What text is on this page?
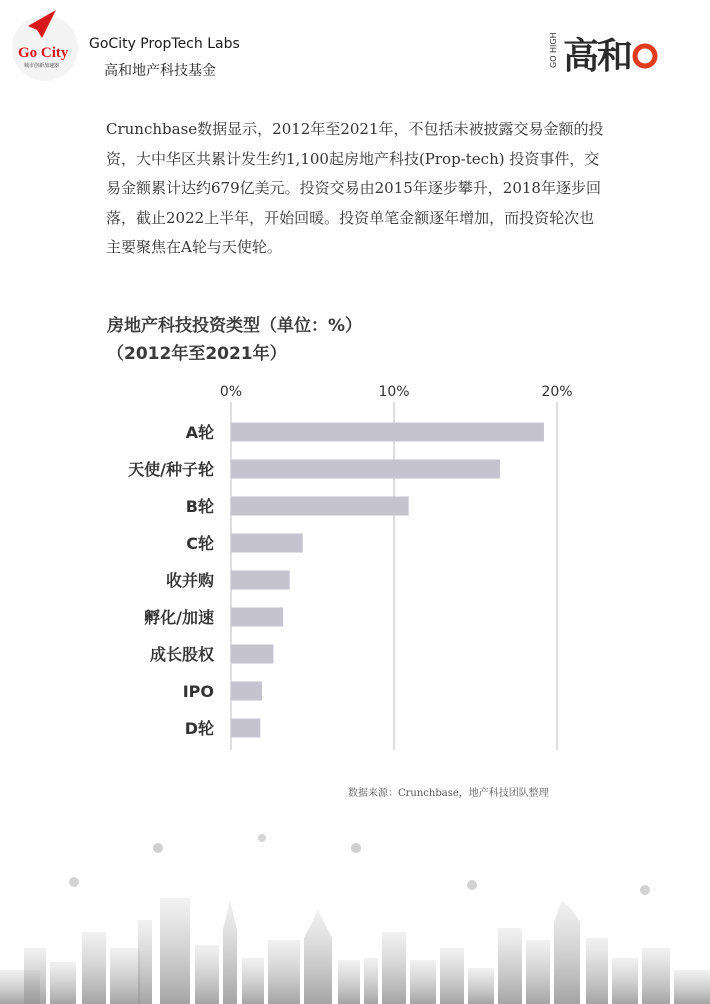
Go City
城市创新加速器
GoCity PropTech Labs
高和地产科技基金
GO HIGH 高和
Crunchbase数据显示，2012年至2021年，不包括未被披露交易金额的投资，大中华区共累计发生约1,100起房地产科技(Prop-tech) 投资事件，交易金额累计达约679亿美元。投资交易由2015年逐步攀升，2018年逐步回落，截止2022上半年，开始回暖。投资单笔金额逐年增加，而投资轮次也主要聚焦在A轮与天使轮。
房地产科技投资类型（单位：%）
（2012年至2021年）
0%	10%	20%
A轮
天使/种子轮
B轮
C轮
收并购
孵化/加速
成长股权
IPO
D轮
数据来源：Crunchbase，地产科技团队整理
